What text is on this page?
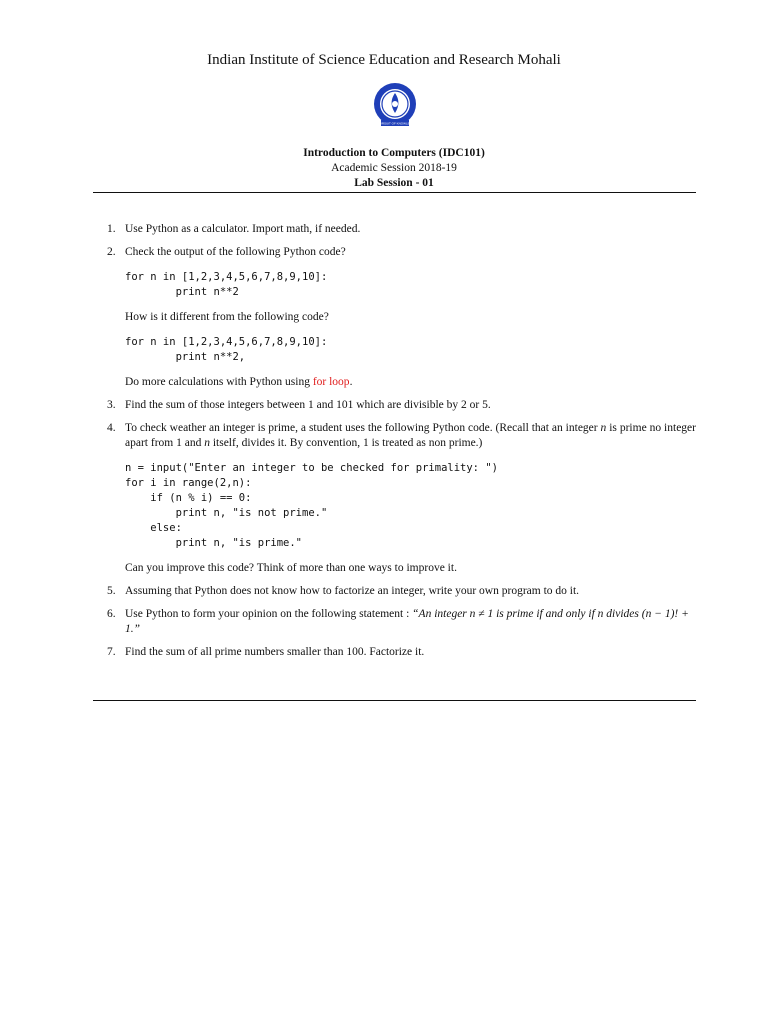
Indian Institute of Science Education and Research Mohali
IN PURSUIT OF KNOWLEDGE
Introduction to Computers (IDC101)
Academic Session 2018-19
Lab Session - 01
1. Use Python as a calculator. Import math, if needed.
2. Check the output of the following Python code?
for n in [1,2,3,4,5,6,7,8,9,10]:
print n**2
How is it different from the following code?
for n in [1,2,3,4,5,6,7,8,9,10]:
print n**2,
Do more calculations with Python using for loop.
3. Find the sum of those integers between 1 and 101 which are divisible by 2 or 5.
4. To check weather an integer is prime, a student uses the following Python code. (Recall that an integer n is prime no integer apart from 1 and n itself, divides it. By convention, 1 is treated as non prime.)
n = input("Enter an integer to be checked for primality: ")
for i in range(2,n):
if (n % i) == 0:
print n, "is not prime."
else:
print n, "is prime."
Can you improve this code? Think of more than one ways to improve it.
5. Assuming that Python does not know how to factorize an integer, write your own program to do it.
6. Use Python to form your opinion on the following statement : “An integer n ≠ 1 is prime if and only if n divides (n − 1)! + 1.”
7. Find the sum of all prime numbers smaller than 100. Factorize it.
